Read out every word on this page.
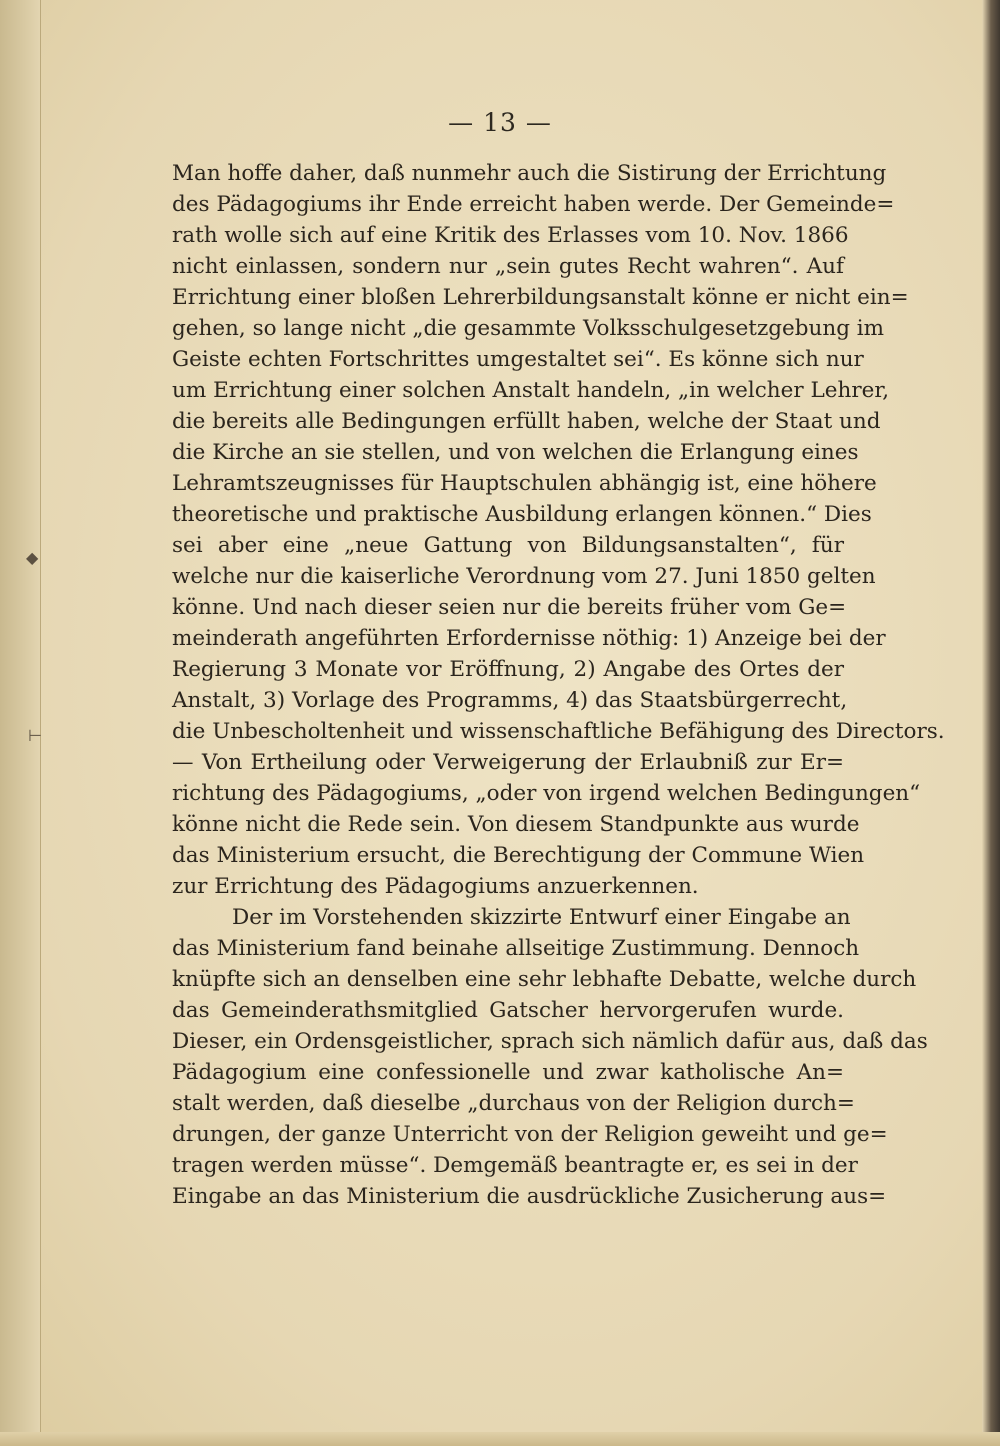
◆
⊢
— 13 —
Man hoffe daher, daß nunmehr auch die Sistirung der Errichtung
des Pädagogiums ihr Ende erreicht haben werde. Der Gemeinde=
rath wolle sich auf eine Kritik des Erlasses vom 10. Nov. 1866
nicht einlassen, sondern nur „sein gutes Recht wahren“. Auf
Errichtung einer bloßen Lehrerbildungsanstalt könne er nicht ein=
gehen, so lange nicht „die gesammte Volksschulgesetzgebung im
Geiste echten Fortschrittes umgestaltet sei“. Es könne sich nur
um Errichtung einer solchen Anstalt handeln, „in welcher Lehrer,
die bereits alle Bedingungen erfüllt haben, welche der Staat und
die Kirche an sie stellen, und von welchen die Erlangung eines
Lehramtszeugnisses für Hauptschulen abhängig ist, eine höhere
theoretische und praktische Ausbildung erlangen können.“ Dies
sei aber eine „neue Gattung von Bildungsanstalten“, für
welche nur die kaiserliche Verordnung vom 27. Juni 1850 gelten
könne. Und nach dieser seien nur die bereits früher vom Ge=
meinderath angeführten Erfordernisse nöthig: 1) Anzeige bei der
Regierung 3 Monate vor Eröffnung, 2) Angabe des Ortes der
Anstalt, 3) Vorlage des Programms, 4) das Staatsbürgerrecht,
die Unbescholtenheit und wissenschaftliche Befähigung des Directors.
— Von Ertheilung oder Verweigerung der Erlaubniß zur Er=
richtung des Pädagogiums, „oder von irgend welchen Bedingungen“
könne nicht die Rede sein. Von diesem Standpunkte aus wurde
das Ministerium ersucht, die Berechtigung der Commune Wien
zur Errichtung des Pädagogiums anzuerkennen.
Der im Vorstehenden skizzirte Entwurf einer Eingabe an
das Ministerium fand beinahe allseitige Zustimmung. Dennoch
knüpfte sich an denselben eine sehr lebhafte Debatte, welche durch
das Gemeinderathsmitglied Gatscher hervorgerufen wurde.
Dieser, ein Ordensgeistlicher, sprach sich nämlich dafür aus, daß das
Pädagogium eine confessionelle und zwar katholische An=
stalt werden, daß dieselbe „durchaus von der Religion durch=
drungen, der ganze Unterricht von der Religion geweiht und ge=
tragen werden müsse“. Demgemäß beantragte er, es sei in der
Eingabe an das Ministerium die ausdrückliche Zusicherung aus=
